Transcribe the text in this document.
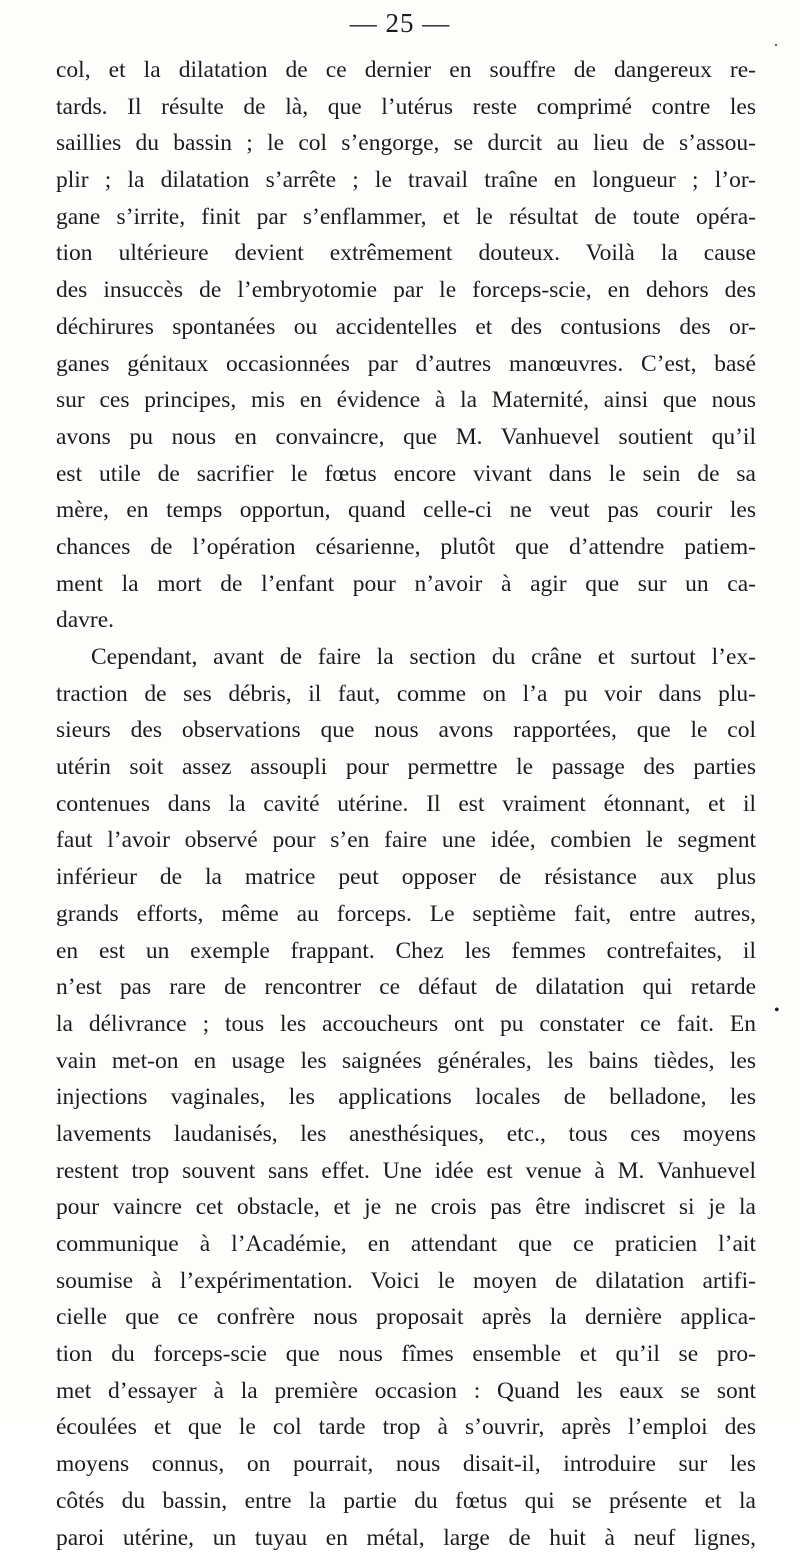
— 25 —
.
•
col, et la dilatation de ce dernier en souffre de dangereux re-
tards. Il résulte de là, que l’utérus reste comprimé contre les
saillies du bassin ; le col s’engorge, se durcit au lieu de s’assou-
plir ; la dilatation s’arrête ; le travail traîne en longueur ; l’or-
gane s’irrite, finit par s’enflammer, et le résultat de toute opéra-
tion ultérieure devient extrêmement douteux. Voilà la cause
des insuccès de l’embryotomie par le forceps-scie, en dehors des
déchirures spontanées ou accidentelles et des contusions des or-
ganes génitaux occasionnées par d’autres manœuvres. C’est, basé
sur ces principes, mis en évidence à la Maternité, ainsi que nous
avons pu nous en convaincre, que M. Vanhuevel soutient qu’il
est utile de sacrifier le fœtus encore vivant dans le sein de sa
mère, en temps opportun, quand celle-ci ne veut pas courir les
chances de l’opération césarienne, plutôt que d’attendre patiem-
ment la mort de l’enfant pour n’avoir à agir que sur un ca-
davre.
Cependant, avant de faire la section du crâne et surtout l’ex-
traction de ses débris, il faut, comme on l’a pu voir dans plu-
sieurs des observations que nous avons rapportées, que le col
utérin soit assez assoupli pour permettre le passage des parties
contenues dans la cavité utérine. Il est vraiment étonnant, et il
faut l’avoir observé pour s’en faire une idée, combien le segment
inférieur de la matrice peut opposer de résistance aux plus
grands efforts, même au forceps. Le septième fait, entre autres,
en est un exemple frappant. Chez les femmes contrefaites, il
n’est pas rare de rencontrer ce défaut de dilatation qui retarde
la délivrance ; tous les accoucheurs ont pu constater ce fait. En
vain met-on en usage les saignées générales, les bains tièdes, les
injections vaginales, les applications locales de belladone, les
lavements laudanisés, les anesthésiques, etc., tous ces moyens
restent trop souvent sans effet. Une idée est venue à M. Vanhuevel
pour vaincre cet obstacle, et je ne crois pas être indiscret si je la
communique à l’Académie, en attendant que ce praticien l’ait
soumise à l’expérimentation. Voici le moyen de dilatation artifi-
cielle que ce confrère nous proposait après la dernière applica-
tion du forceps-scie que nous fîmes ensemble et qu’il se pro-
met d’essayer à la première occasion : Quand les eaux se sont
écoulées et que le col tarde trop à s’ouvrir, après l’emploi des
moyens connus, on pourrait, nous disait-il, introduire sur les
côtés du bassin, entre la partie du fœtus qui se présente et la
paroi utérine, un tuyau en métal, large de huit à neuf lignes,
